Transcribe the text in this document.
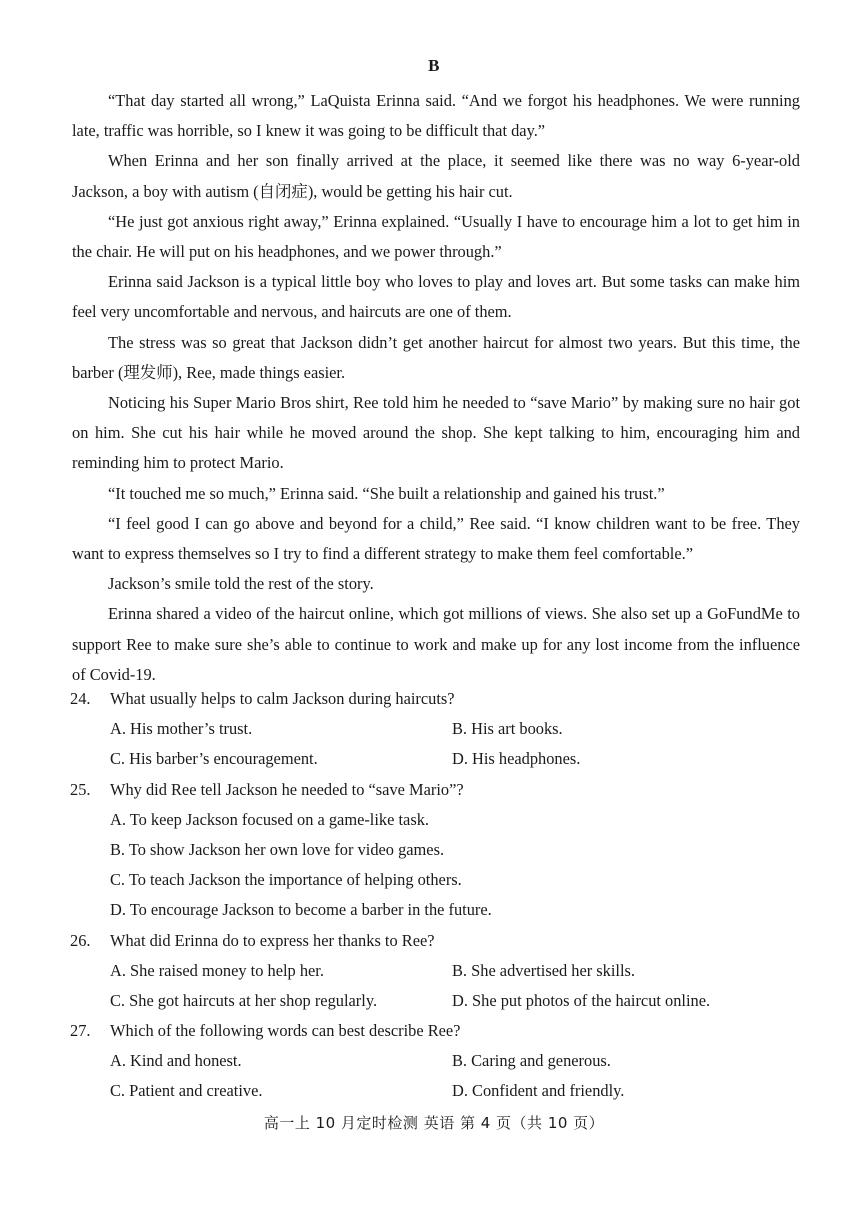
B

“That day started all wrong,” LaQuista Erinna said. “And we forgot his headphones. We were running late, traffic was horrible, so I knew it was going to be difficult that day.”

When Erinna and her son finally arrived at the place, it seemed like there was no way 6-year-old Jackson, a boy with autism (自闭症), would be getting his hair cut.

“He just got anxious right away,” Erinna explained. “Usually I have to encourage him a lot to get him in the chair. He will put on his headphones, and we power through.”

Erinna said Jackson is a typical little boy who loves to play and loves art. But some tasks can make him feel very uncomfortable and nervous, and haircuts are one of them.

The stress was so great that Jackson didn’t get another haircut for almost two years. But this time, the barber (理发师), Ree, made things easier.

Noticing his Super Mario Bros shirt, Ree told him he needed to “save Mario” by making sure no hair got on him. She cut his hair while he moved around the shop. She kept talking to him, encouraging him and reminding him to protect Mario.

“It touched me so much,” Erinna said. “She built a relationship and gained his trust.”

“I feel good I can go above and beyond for a child,” Ree said. “I know children want to be free. They want to express themselves so I try to find a different strategy to make them feel comfortable.”

Jackson’s smile told the rest of the story.

Erinna shared a video of the haircut online, which got millions of views. She also set up a GoFundMe to support Ree to make sure she’s able to continue to work and make up for any lost income from the influence of Covid-19.

24.	What usually helps to calm Jackson during haircuts?
A. His mother’s trust.	B. His art books.
C. His barber’s encouragement.	D. His headphones.
25.	Why did Ree tell Jackson he needed to “save Mario”?
A. To keep Jackson focused on a game-like task.
B. To show Jackson her own love for video games.
C. To teach Jackson the importance of helping others.
D. To encourage Jackson to become a barber in the future.
26.	What did Erinna do to express her thanks to Ree?
A. She raised money to help her.	B. She advertised her skills.
C. She got haircuts at her shop regularly.	D. She put photos of the haircut online.
27.	Which of the following words can best describe Ree?
A. Kind and honest.	B. Caring and generous.
C. Patient and creative.	D. Confident and friendly.
高一上 10 月定时检测 英语 第 4 页（共 10 页）
